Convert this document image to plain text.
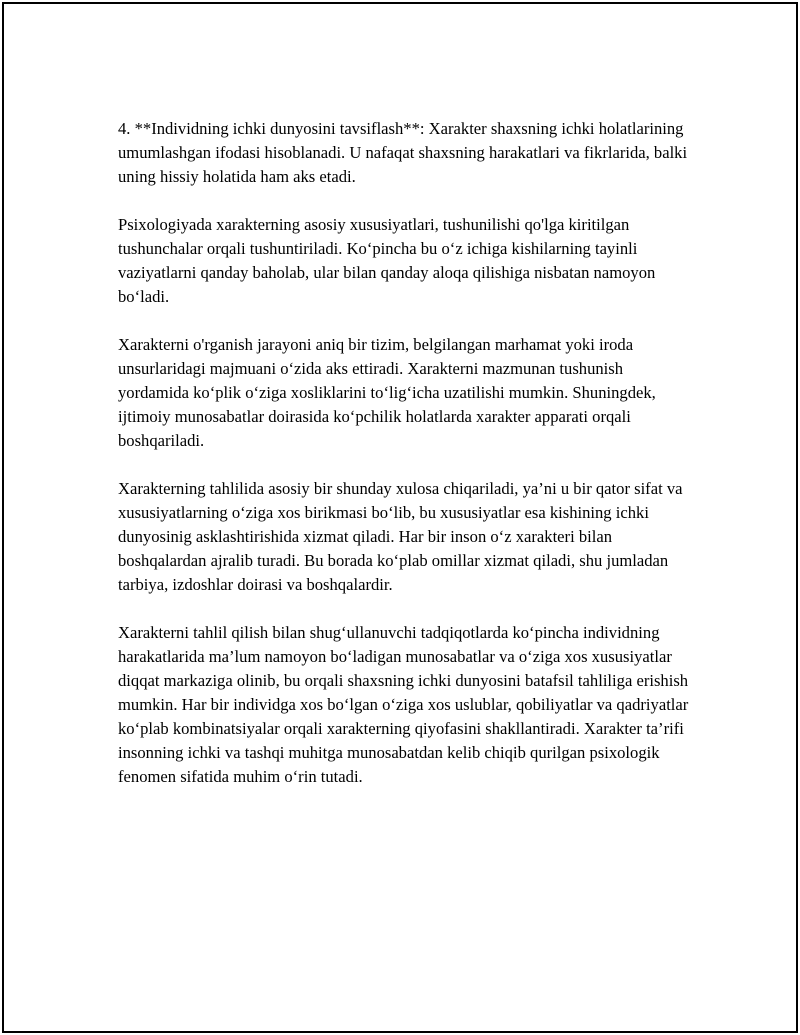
4. **Individning ichki dunyosini tavsiflash**: Xarakter shaxsning ichki holatlarining umumlashgan ifodasi hisoblanadi. U nafaqat shaxsning harakatlari va fikrlarida, balki uning hissiy holatida ham aks etadi.

Psixologiyada xarakterning asosiy xususiyatlari, tushunilishi qo'lga kiritilgan tushunchalar orqali tushuntiriladi. Ko‘pincha bu o‘z ichiga kishilarning tayinli vaziyatlarni qanday baholab, ular bilan qanday aloqa qilishiga nisbatan namoyon bo‘ladi.

Xarakterni o'rganish jarayoni aniq bir tizim, belgilangan marhamat yoki iroda unsurlaridagi majmuani o‘zida aks ettiradi. Xarakterni mazmunan tushunish yordamida ko‘plik o‘ziga xosliklarini to‘lig‘icha uzatilishi mumkin. Shuningdek, ijtimoiy munosabatlar doirasida ko‘pchilik holatlarda xarakter apparati orqali boshqariladi.

Xarakterning tahlilida asosiy bir shunday xulosa chiqariladi, ya’ni u bir qator sifat va xususiyatlarning o‘ziga xos birikmasi bo‘lib, bu xususiyatlar esa kishining ichki dunyosinig asklashtirishida xizmat qiladi. Har bir inson o‘z xarakteri bilan boshqalardan ajralib turadi. Bu borada ko‘plab omillar xizmat qiladi, shu jumladan tarbiya, izdoshlar doirasi va boshqalardir.

Xarakterni tahlil qilish bilan shug‘ullanuvchi tadqiqotlarda ko‘pincha individning harakatlarida ma’lum namoyon bo‘ladigan munosabatlar va o‘ziga xos xususiyatlar diqqat markaziga olinib, bu orqali shaxsning ichki dunyosini batafsil tahliliga erishish mumkin. Har bir individga xos bo‘lgan o‘ziga xos uslublar, qobiliyatlar va qadriyatlar ko‘plab kombinatsiyalar orqali xarakterning qiyofasini shakllantiradi. Xarakter ta’rifi insonning ichki va tashqi muhitga munosabatdan kelib chiqib qurilgan psixologik fenomen sifatida muhim o‘rin tutadi.
